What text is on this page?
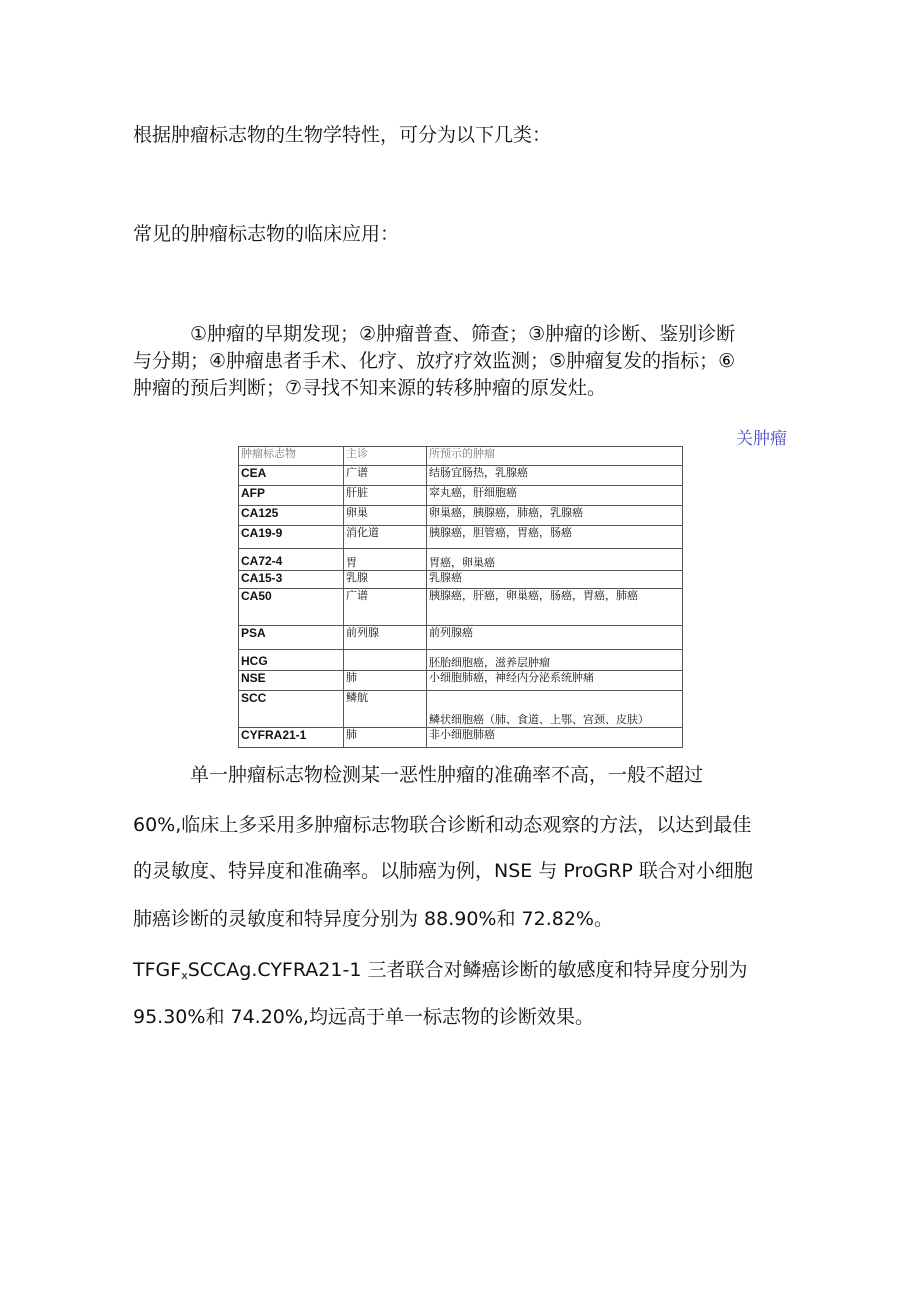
根据肿瘤标志物的生物学特性，可分为以下几类：
常见的肿瘤标志物的临床应用：
①肿瘤的早期发现；②肿瘤普查、筛查；③肿瘤的诊断、鉴别诊断
与分期；④肿瘤患者手术、化疗、放疗疗效监测；⑤肿瘤复发的指标；⑥
肿瘤的预后判断；⑦寻找不知来源的转移肿瘤的原发灶。
关肿瘤
肿瘤标志物	主诊	所预示的肿瘤
CEA	广谱	结肠宜肠热，乳腺癌
AFP	肝脏	窣丸癌，肝细胞癌
CA125	卵巢	卵巢癌，胰腺癌，肺癌，乳腺癌
CA19-9	消化道	胰腺癌，胆管癌，胃癌，肠癌
CA72-4	胃	胃癌，卵巢癌
CA15-3	乳腺	乳腺癌
CA50	广谱	胰腺癌，肝癌，卵巢癌，肠癌，胃癌，肺癌
PSA	前列腺	前列腺癌
HCG		胚胎细胞癌，滋养层肿瘤
NSE	肺	小细胞肺癌，神经内分泌系统肿痛
SCC	鳞航	鳞状细胞癌（肺、食道、上鄂、宫颈、皮肤）
CYFRA21-1	肺	非小细胞肺癌
单一肿瘤标志物检测某一恶性肿瘤的准确率不高，一般不超过
60%,临床上多采用多肿瘤标志物联合诊断和动态观察的方法，以达到最佳
的灵敏度、特异度和准确率。以肺癌为例，NSE 与 ProGRP 联合对小细胞
肺癌诊断的灵敏度和特异度分别为 88.90%和 72.82%。
$TFGF_xSCCAg.CYFRA21-1$ 三者联合对鳞癌诊断的敏感度和特异度分别为
95.30%和 74.20%,均远高于单一标志物的诊断效果。
